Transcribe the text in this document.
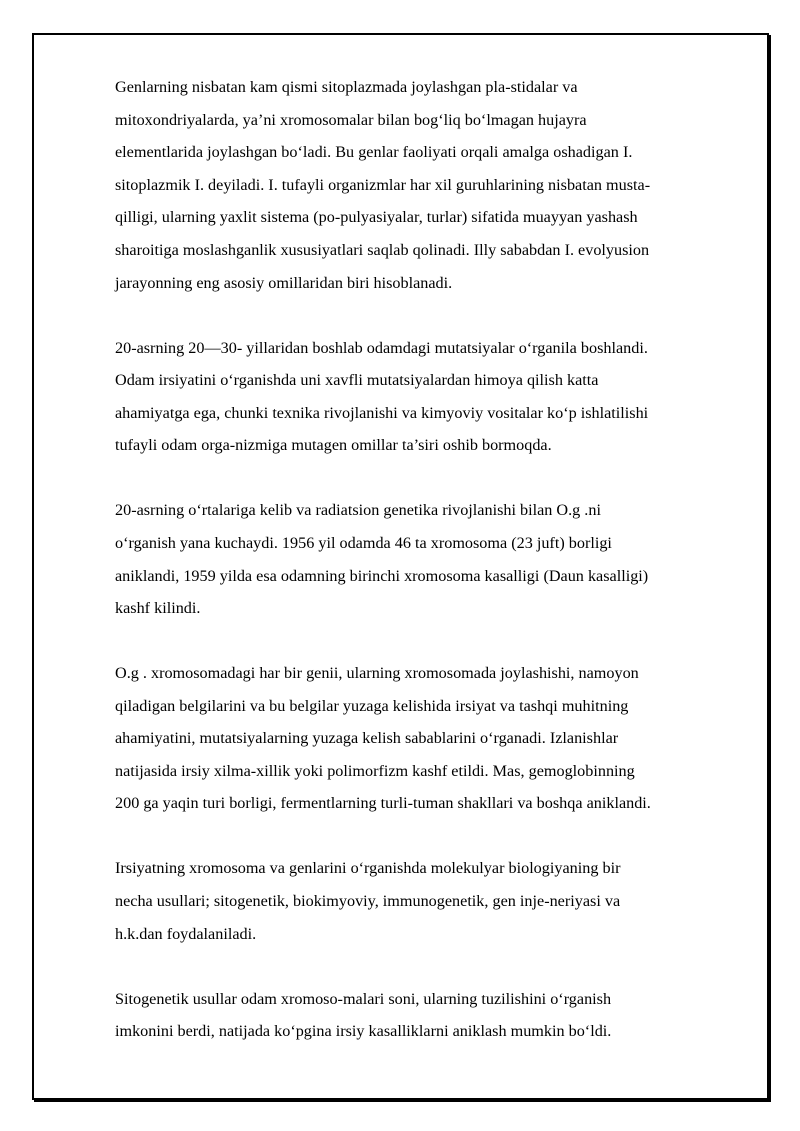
Genlarning nisbatan kam qismi sitoplazmada joylashgan pla-stidalar va
mitoxondriyalarda, ya’ni xromosomalar bilan bog‘liq bo‘lmagan hujayra
elementlarida joylashgan bo‘ladi. Bu genlar faoliyati orqali amalga oshadigan I.
sitoplazmik I. deyiladi. I. tufayli organizmlar har xil guruhlarining nisbatan musta-
qilligi, ularning yaxlit sistema (po-pulyasiyalar, turlar) sifatida muayyan yashash
sharoitiga moslashganlik xususiyatlari saqlab qolinadi. Illy sababdan I. evolyusion
jarayonning eng asosiy omillaridan biri hisoblanadi.

20-asrning 20—30- yillaridan boshlab odamdagi mutatsiyalar o‘rganila boshlandi.
Odam irsiyatini o‘rganishda uni xavfli mutatsiyalardan himoya qilish katta
ahamiyatga ega, chunki texnika rivojlanishi va kimyoviy vositalar ko‘p ishlatilishi
tufayli odam orga-nizmiga mutagen omillar ta’siri oshib bormoqda.

20-asrning o‘rtalariga kelib va radiatsion genetika rivojlanishi bilan O.g .ni
o‘rganish yana kuchaydi. 1956 yil odamda 46 ta xromosoma (23 juft) borligi
aniklandi, 1959 yilda esa odamning birinchi xromosoma kasalligi (Daun kasalligi)
kashf kilindi.

O.g . xromosomadagi har bir genii, ularning xromosomada joylashishi, namoyon
qiladigan belgilarini va bu belgilar yuzaga kelishida irsiyat va tashqi muhitning
ahamiyatini, mutatsiyalarning yuzaga kelish sabablarini o‘rganadi. Izlanishlar
natijasida irsiy xilma-xillik yoki polimorfizm kashf etildi. Mas, gemoglobinning
200 ga yaqin turi borligi, fermentlarning turli-tuman shakllari va boshqa aniklandi.

Irsiyatning xromosoma va genlarini o‘rganishda molekulyar biologiyaning bir
necha usullari; sitogenetik, biokimyoviy, immunogenetik, gen inje-neriyasi va
h.k.dan foydalaniladi.

Sitogenetik usullar odam xromoso-malari soni, ularning tuzilishini o‘rganish
imkonini berdi, natijada ko‘pgina irsiy kasalliklarni aniklash mumkin bo‘ldi.
